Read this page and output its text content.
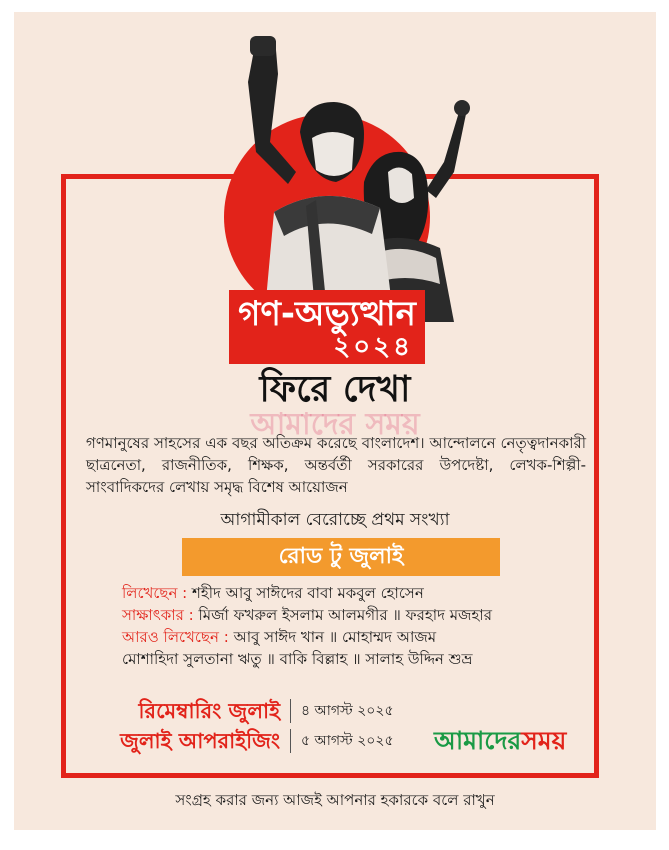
গণ-অভ্যুত্থান
২০২৪
ফিরে দেখা
আমাদের সময়
গণমানুষের সাহসের এক বছর অতিক্রম করেছে বাংলাদেশ। আন্দোলনে নেতৃত্বদানকারী ছাত্রনেতা, রাজনীতিক, শিক্ষক, অন্তর্বর্তী সরকারের উপদেষ্টা, লেখক-শিল্পী-সাংবাদিকদের লেখায় সমৃদ্ধ বিশেষ আয়োজন
আগামীকাল বেরোচ্ছে প্রথম সংখ্যা
রোড টু জুলাই
লিখেছেন : শহীদ আবু সাঈদের বাবা মকবুল হোসেন
সাক্ষাৎকার : মির্জা ফখরুল ইসলাম আলমগীর ॥ ফরহাদ মজহার
আরও লিখেছেন : আবু সাঈদ খান ॥ মোহাম্মদ আজম
মোশাহিদা সুলতানা ঋতু ॥ বাকি বিল্লাহ ॥ সালাহ উদ্দিন শুভ্র
রিমেম্বারিং জুলাই ৪ আগস্ট ২০২৫
জুলাই আপরাইজিং ৫ আগস্ট ২০২৫ আমাদেরসময়
সংগ্রহ করার জন্য আজই আপনার হকারকে বলে রাখুন
